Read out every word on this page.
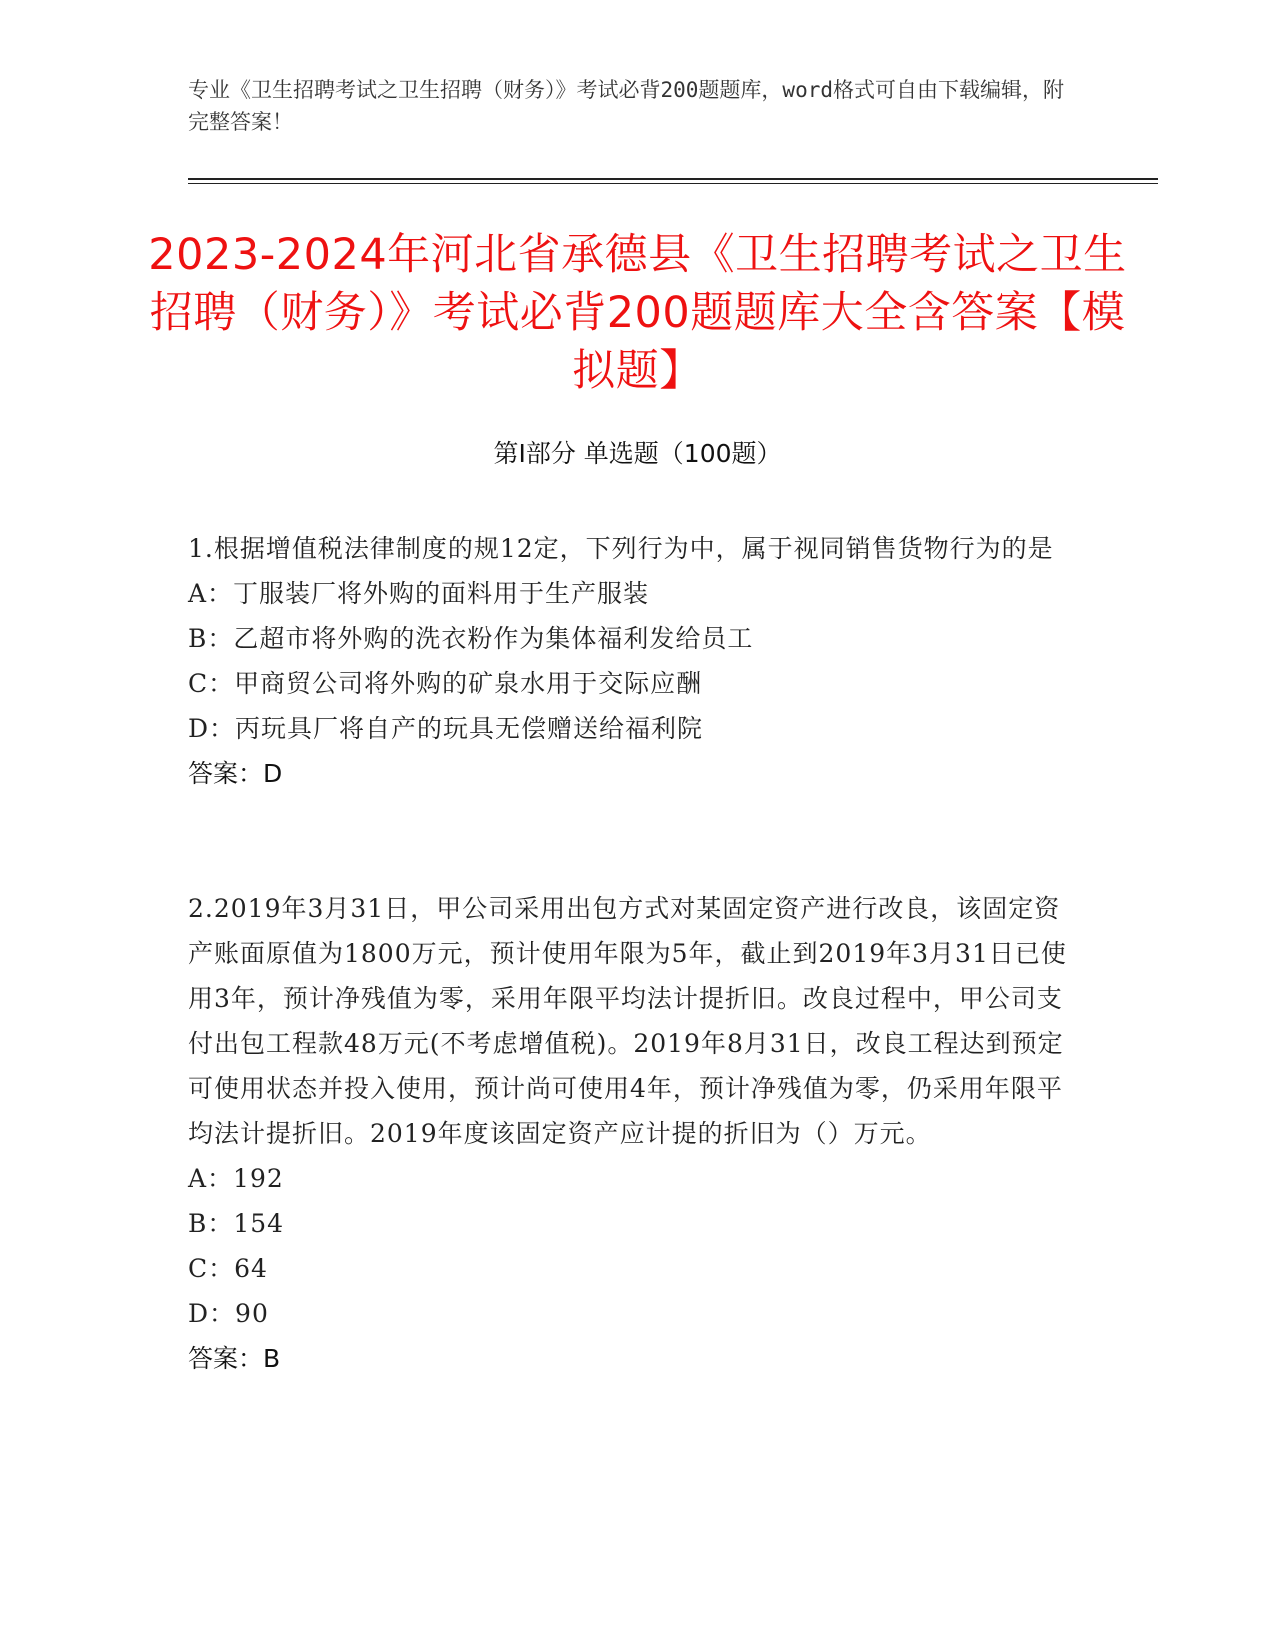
专业《卫生招聘考试之卫生招聘（财务）》考试必背200题题库，word格式可自由下载编辑，附完整答案！
2023-2024年河北省承德县《卫生招聘考试之卫生招聘（财务）》考试必背200题题库大全含答案【模拟题】
第I部分 单选题（100题）
1.根据增值税法律制度的规12定，下列行为中，属于视同销售货物行为的是
A：丁服装厂将外购的面料用于生产服装
B：乙超市将外购的洗衣粉作为集体福利发给员工
C：甲商贸公司将外购的矿泉水用于交际应酬
D：丙玩具厂将自产的玩具无偿赠送给福利院
答案：D
2.2019年3月31日，甲公司采用出包方式对某固定资产进行改良，该固定资产账面原值为1800万元，预计使用年限为5年，截止到2019年3月31日已使用3年，预计净残值为零，采用年限平均法计提折旧。改良过程中，甲公司支付出包工程款48万元(不考虑增值税)。2019年8月31日，改良工程达到预定可使用状态并投入使用，预计尚可使用4年，预计净残值为零，仍采用年限平均法计提折旧。2019年度该固定资产应计提的折旧为（）万元。
A：192
B：154
C：64
D：90
答案：B
